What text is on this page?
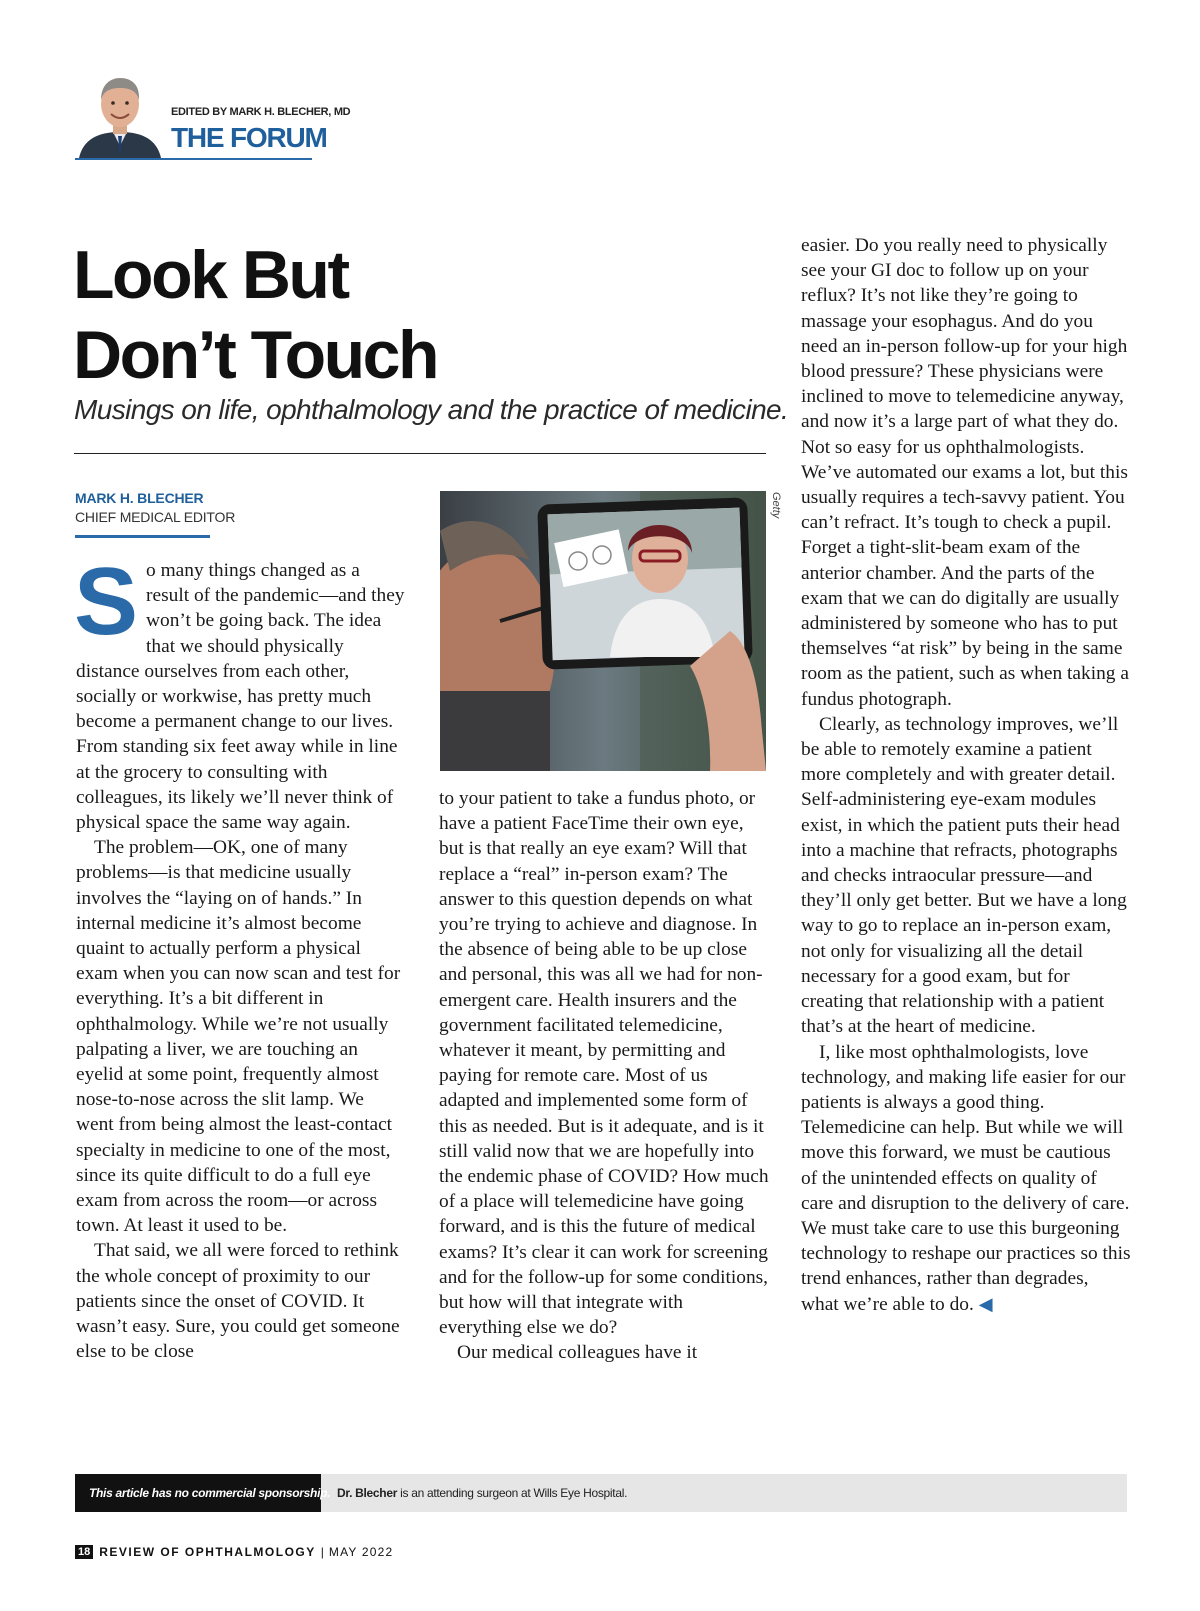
EDITED BY MARK H. BLECHER, MD
THE FORUM
Look But
Don’t Touch
Musings on life, ophthalmology and the practice of medicine.
MARK H. BLECHER
CHIEF MEDICAL EDITOR

So many things changed as a result of the pandemic—and they won’t be going back. The idea that we should physically distance ourselves from each other, socially or workwise, has pretty much become a permanent change to our lives. From standing six feet away while in line at the grocery to consulting with colleagues, its likely we’ll never think of physical space the same way again.

The problem—OK, one of many problems—is that medicine usually involves the “laying on of hands.” In internal medicine it’s almost become quaint to actually perform a physical exam when you can now scan and test for everything. It’s a bit different in ophthalmology. While we’re not usually palpating a liver, we are touching an eyelid at some point, frequently almost nose-to-nose across the slit lamp. We went from being almost the least-contact specialty in medicine to one of the most, since its quite difficult to do a full eye exam from across the room—or across town. At least it used to be.

That said, we all were forced to rethink the whole concept of proximity to our patients since the onset of COVID. It wasn’t easy. Sure, you could get someone else to be close

Getty

to your patient to take a fundus photo, or have a patient FaceTime their own eye, but is that really an eye exam? Will that replace a “real” in-person exam? The answer to this question depends on what you’re trying to achieve and diagnose. In the absence of being able to be up close and personal, this was all we had for non-emergent care. Health insurers and the government facilitated telemedicine, whatever it meant, by permitting and paying for remote care. Most of us adapted and implemented some form of this as needed. But is it adequate, and is it still valid now that we are hopefully into the endemic phase of COVID? How much of a place will telemedicine have going forward, and is this the future of medical exams? It’s clear it can work for screening and for the follow-up for some conditions, but how will that integrate with everything else we do?

Our medical colleagues have it

easier. Do you really need to physically see your GI doc to follow up on your reflux? It’s not like they’re going to massage your esophagus. And do you need an in-person follow-up for your high blood pressure? These physicians were inclined to move to telemedicine anyway, and now it’s a large part of what they do. Not so easy for us ophthalmologists. We’ve automated our exams a lot, but this usually requires a tech-savvy patient. You can’t refract. It’s tough to check a pupil. Forget a tight-slit-beam exam of the anterior chamber. And the parts of the exam that we can do digitally are usually administered by someone who has to put themselves “at risk” by being in the same room as the patient, such as when taking a fundus photograph.

Clearly, as technology improves, we’ll be able to remotely examine a patient more completely and with greater detail. Self-administering eye-exam modules exist, in which the patient puts their head into a machine that refracts, photographs and checks intraocular pressure—and they’ll only get better. But we have a long way to go to replace an in-person exam, not only for visualizing all the detail necessary for a good exam, but for creating that relationship with a patient that’s at the heart of medicine.

I, like most ophthalmologists, love technology, and making life easier for our patients is always a good thing. Telemedicine can help. But while we will move this forward, we must be cautious of the unintended effects on quality of care and disruption to the delivery of care. We must take care to use this burgeoning technology to reshape our practices so this trend enhances, rather than degrades, what we’re able to do. ◀

This article has no commercial sponsorship. Dr. Blecher is an attending surgeon at Wills Eye Hospital.
18 REVIEW OF OPHTHALMOLOGY | MAY 2022
